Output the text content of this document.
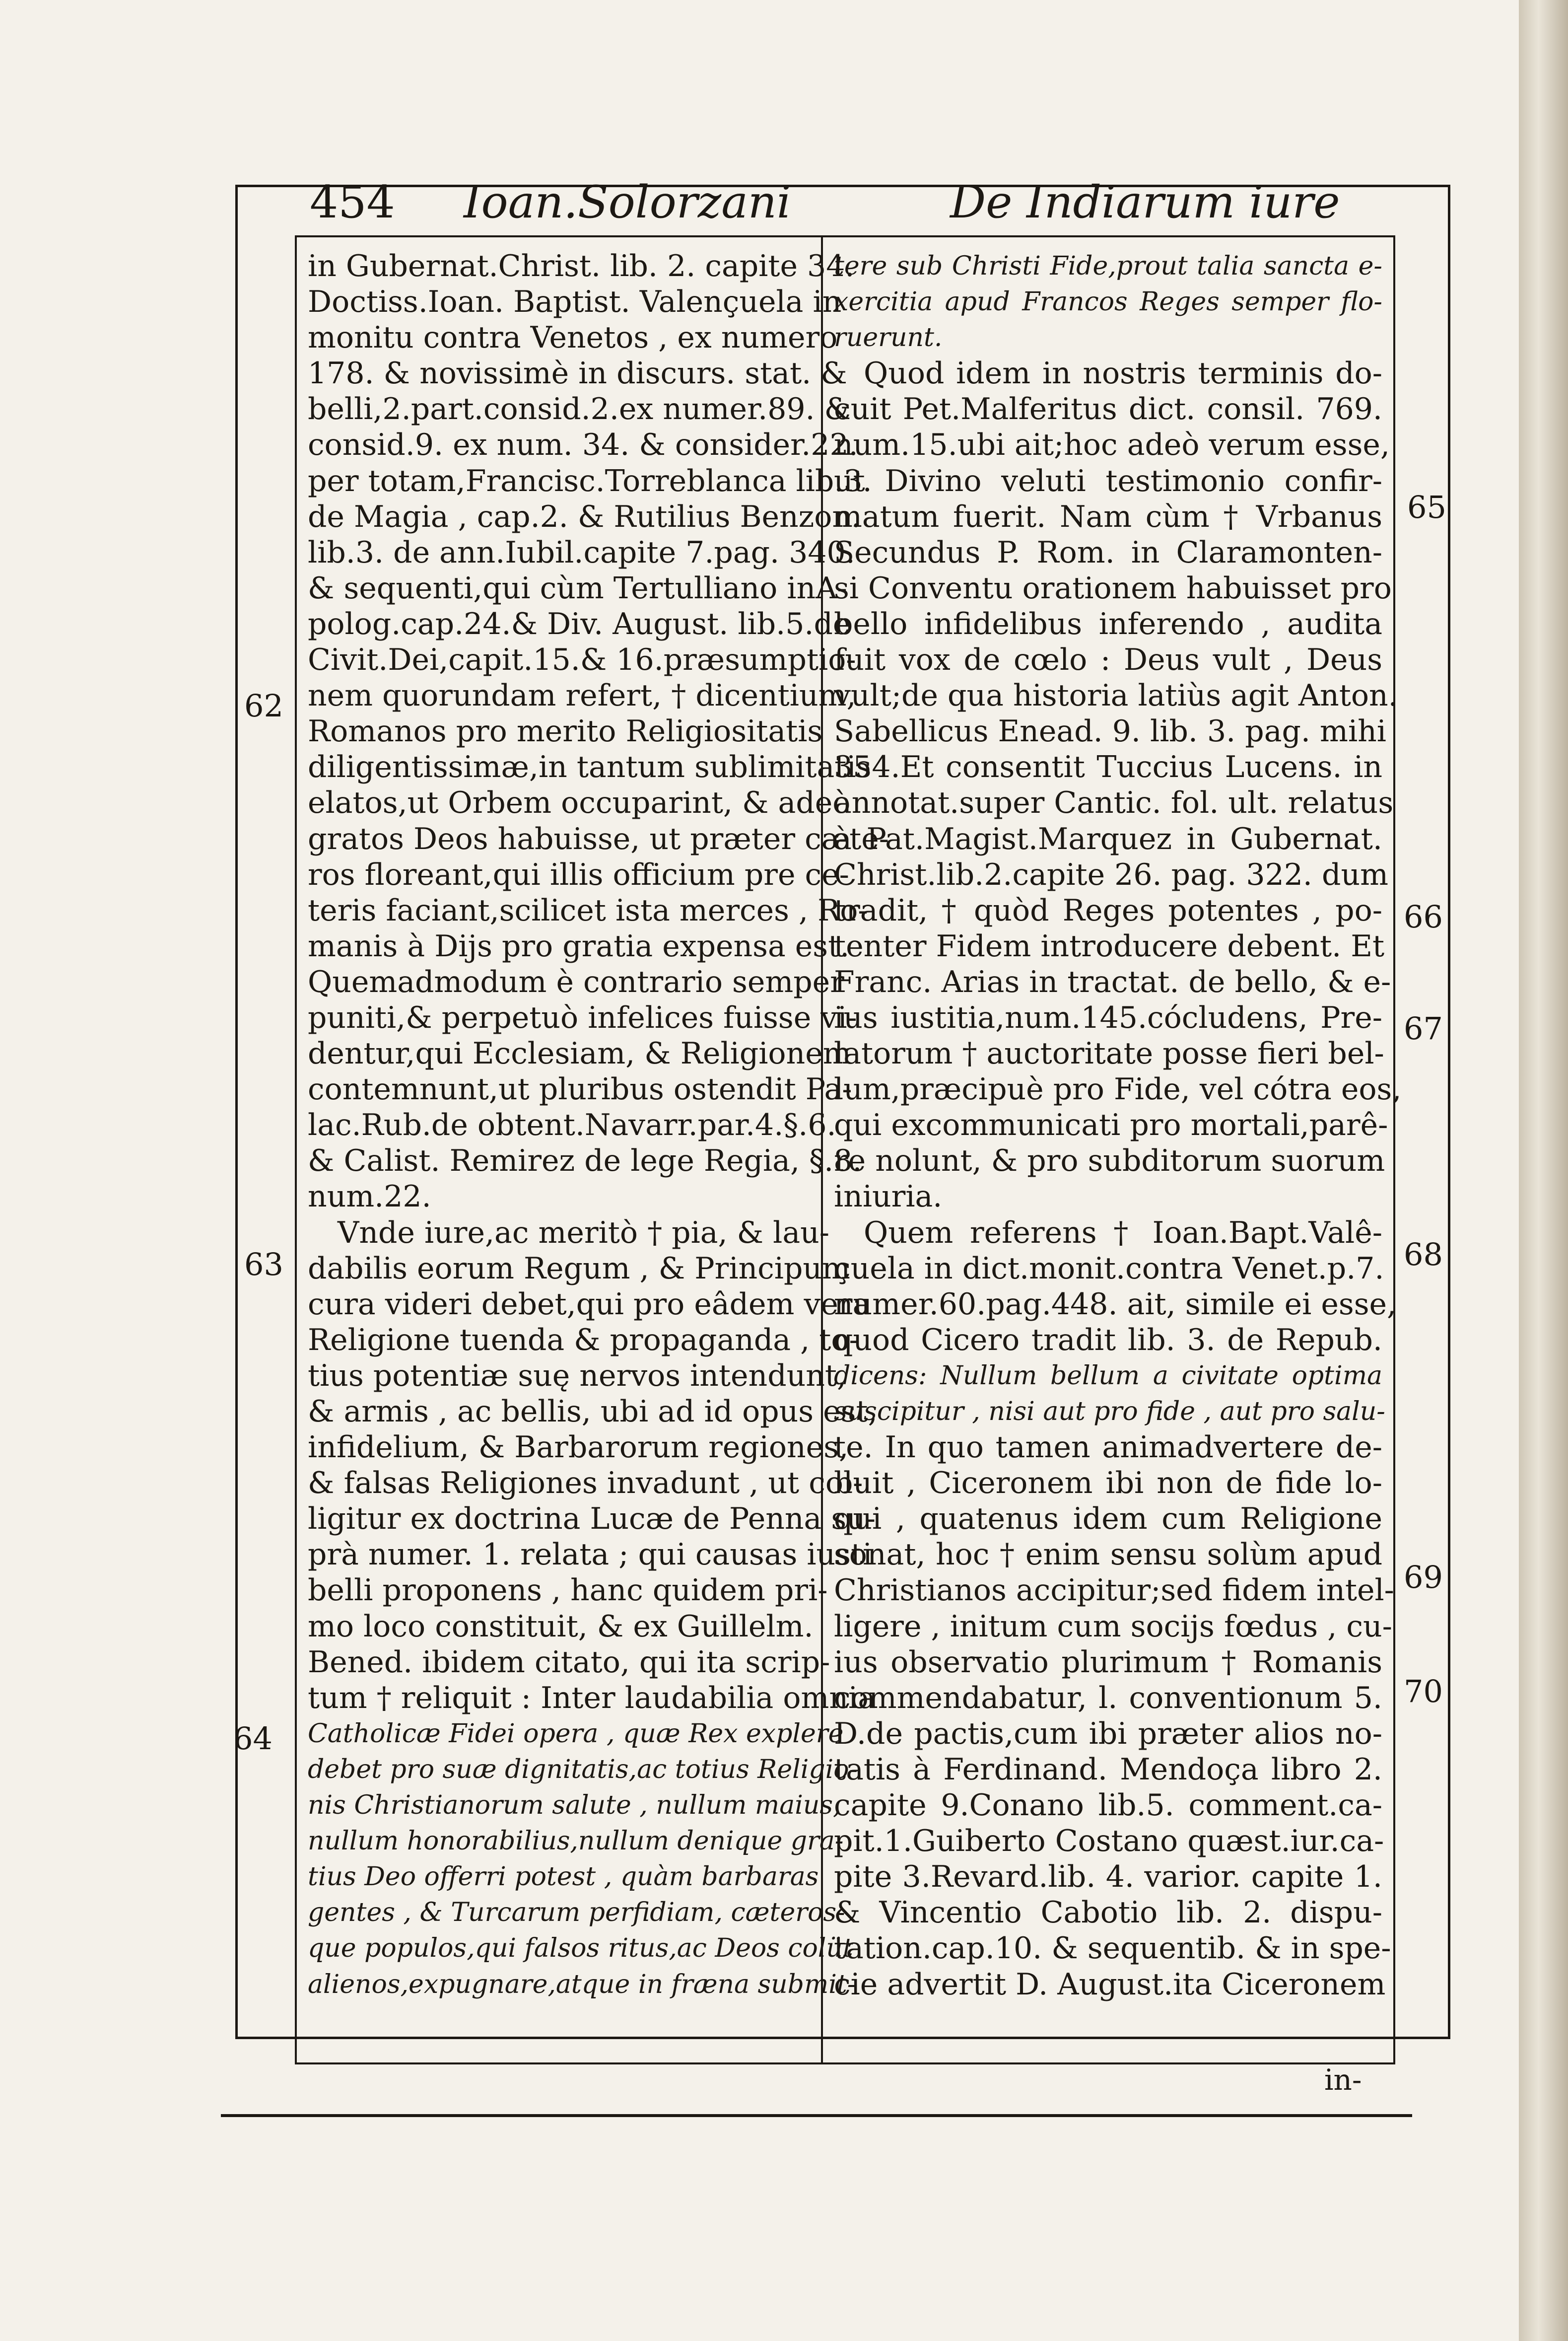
454 Ioan.Solorzani	De Indiarum iure
in Gubernat.Christ. lib. 2. capite 34.
Doctiss.Ioan. Baptist. Valençuela in
monitu contra Venetos , ex numero
178. & novissimè in discurs. stat. &
belli,2.part.consid.2.ex numer.89. &
consid.9. ex num. 34. & consider.22.
per totam,Francisc.Torreblanca lib.3.
de Magia , cap.2. & Rutilius Benzon.
lib.3. de ann.Iubil.capite 7.pag. 340.
& sequenti,qui cùm Tertulliano inA-
polog.cap.24.& Div. August. lib.5.de
Civit.Dei,capit.15.& 16.præsumptio-
nem quorundam refert, † dicentium,
Romanos pro merito Religiositatis
diligentissimæ,in tantum sublimitatis
elatos,ut Orbem occuparint, & adeò
gratos Deos habuisse, ut præter cæte-
ros floreant,qui illis officium pre ce-
teris faciant,scilicet ista merces , Ro-
manis à Dijs pro gratia expensa est.
Quemadmodum è contrario semper
puniti,& perpetuò infelices fuisse vi-
dentur,qui Ecclesiam, & Religionem
contemnunt,ut pluribus ostendit Pa-
lac.Rub.de obtent.Navarr.par.4.§.6.
& Calist. Remirez de lege Regia, §.8.
num.22.
Vnde iure,ac meritò † pia, & lau-
dabilis eorum Regum , & Principum
cura videri debet,qui pro eâdem vera
Religione tuenda & propaganda , to-
tius potentiæ suę nervos intendunt,
& armis , ac bellis, ubi ad id opus est,
infidelium, & Barbarorum regiones,
& falsas Religiones invadunt , ut col-
ligitur ex doctrina Lucæ de Penna su-
prà numer. 1. relata ; qui causas iusti
belli proponens , hanc quidem pri-
mo loco constituit, & ex Guillelm.
Bened. ibidem citato, qui ita scrip-
tum † reliquit : Inter laudabilia omnia
Catholicæ Fidei opera , quæ Rex explere
debet pro suæ dignitatis,ac totius Religio-
nis Christianorum salute , nullum maius,
nullum honorabilius,nullum denique gra-
tius Deo offerri potest , quàm barbaras
gentes , & Turcarum perfidiam, cæteros-
que populos,qui falsos ritus,ac Deos colüt
alienos,expugnare,atque in fræna submit-
tere sub Christi Fide,prout talia sancta e-
xercitia apud Francos Reges semper flo-
ruerunt.
Quod idem in nostris terminis do-
cuit Pet.Malferitus dict. consil. 769.
num.15.ubi ait;hoc adeò verum esse,
ut Divino veluti testimonio confir-
matum fuerit. Nam cùm † Vrbanus
Secundus P. Rom. in Claramonten-
si Conventu orationem habuisset pro
bello infidelibus inferendo , audita
fuit vox de cœlo : Deus vult , Deus
vult;de qua historia latiùs agit Anton.
Sabellicus Enead. 9. lib. 3. pag. mihi
354.Et consentit Tuccius Lucens. in
annotat.super Cantic. fol. ult. relatus
à Pat.Magist.Marquez in Gubernat.
Christ.lib.2.capite 26. pag. 322. dum
tradit, † quòd Reges potentes , po-
tenter Fidem introducere debent. Et
Franc. Arias in tractat. de bello, & e-
ius iustitia,num.145.cócludens, Pre-
latorum † auctoritate posse fieri bel-
lum,præcipuè pro Fide, vel cótra eos,
qui excommunicati pro mortali,parê-
re nolunt, & pro subditorum suorum
iniuria.
Quem referens † Ioan.Bapt.Valê-
çuela in dict.monit.contra Venet.p.7.
numer.60.pag.448. ait, simile ei esse,
quod Cicero tradit lib. 3. de Repub.
dicens: Nullum bellum a civitate optima
suscipitur , nisi aut pro fide , aut pro salu-
te. In quo tamen animadvertere de-
buit , Ciceronem ibi non de fide lo-
qui , quatenus idem cum Religione
sonat, hoc † enim sensu solùm apud
Christianos accipitur;sed fidem intel-
ligere , initum cum socijs fœdus , cu-
ius observatio plurimum † Romanis
commendabatur, l. conventionum 5.
D.de pactis,cum ibi præter alios no-
tatis à Ferdinand. Mendoça libro 2.
capite 9.Conano lib.5. comment.ca-
pit.1.Guiberto Costano quæst.iur.ca-
pite 3.Revard.lib. 4. varior. capite 1.
& Vincentio Cabotio lib. 2. dispu-
tation.cap.10. & sequentib. & in spe-
cie advertit D. August.ita Ciceronem
62
63
64
65
66
67
68
69
70
in-
